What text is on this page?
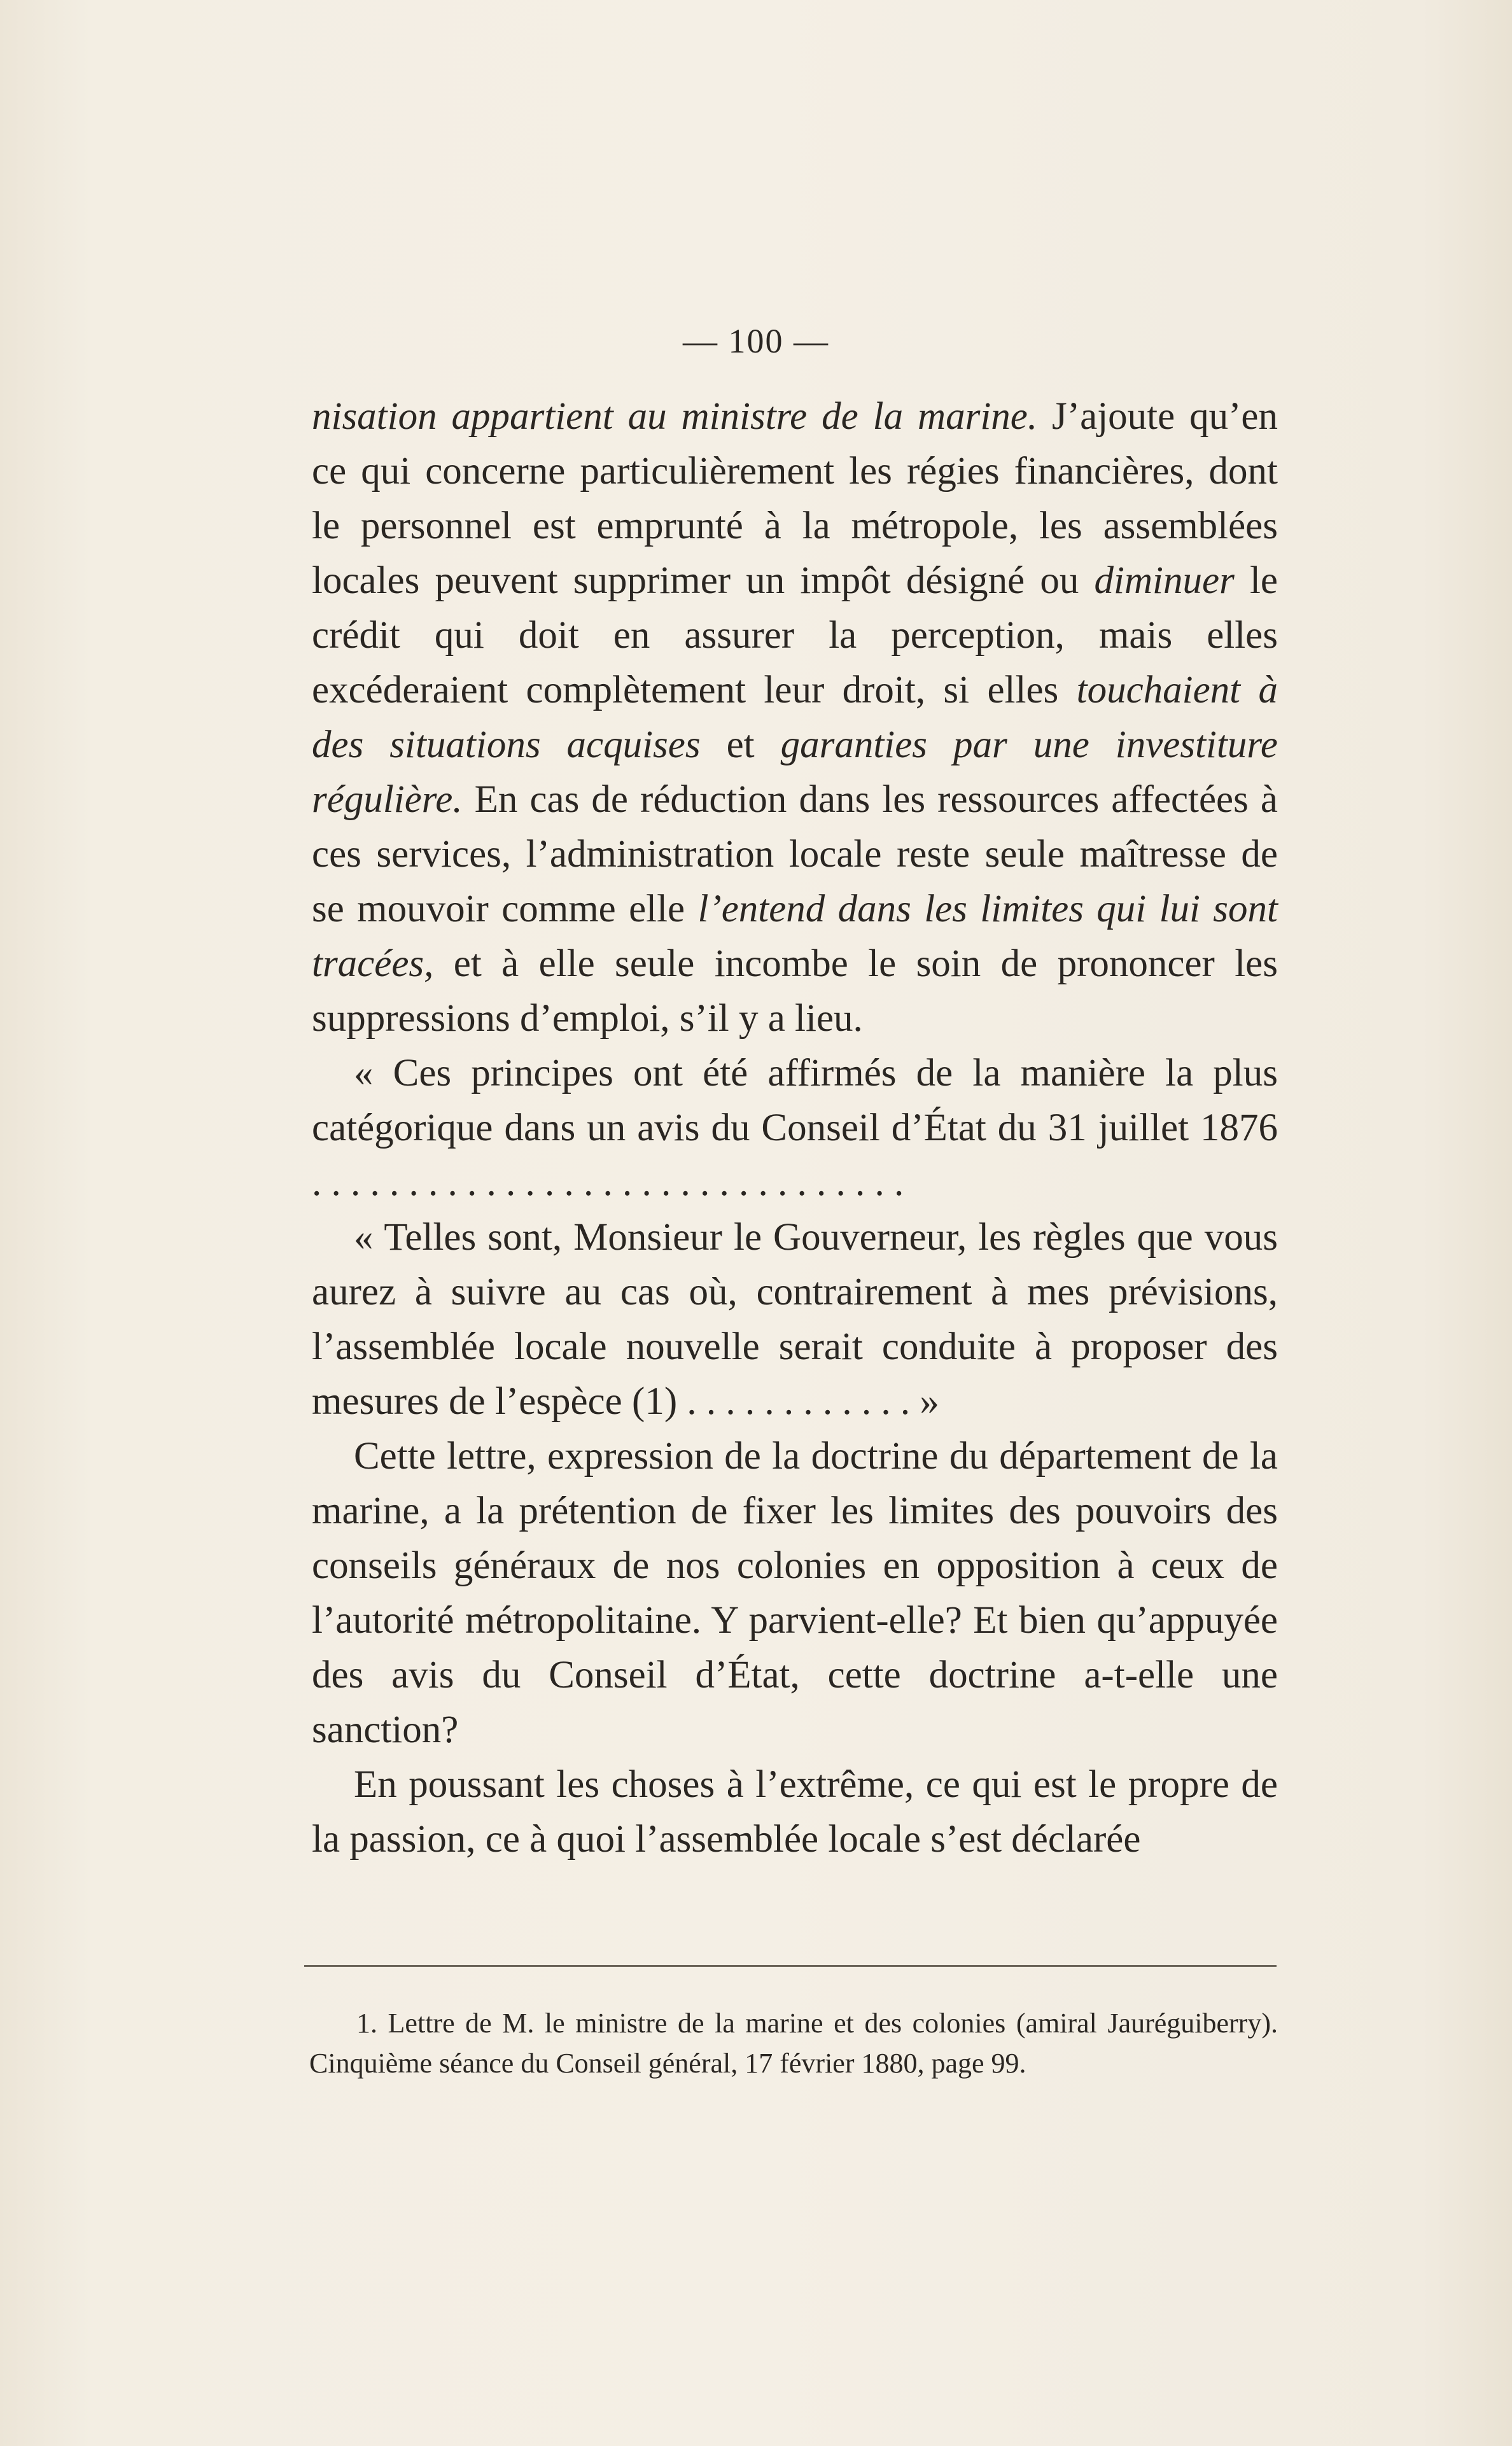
— 100 —

nisation appartient au ministre de la marine. J’ajoute qu’en ce qui concerne particulièrement les régies financières, dont le personnel est emprunté à la métropole, les assemblées locales peuvent supprimer un impôt désigné ou diminuer le crédit qui doit en assurer la perception, mais elles excéderaient complètement leur droit, si elles touchaient à des situations acquises et garanties par une investiture régulière. En cas de réduction dans les ressources affectées à ces services, l’administration locale reste seule maîtresse de se mouvoir comme elle l’entend dans les limites qui lui sont tracées, et à elle seule incombe le soin de prononcer les suppressions d’emploi, s’il y a lieu.

« Ces principes ont été affirmés de la manière la plus catégorique dans un avis du Conseil d’État du 31 juillet 1876 . . . . . . . . . . . . . . . . . . . . . . . . . . . . . . .

« Telles sont, Monsieur le Gouverneur, les règles que vous aurez à suivre au cas où, contrairement à mes prévisions, l’assemblée locale nouvelle serait conduite à proposer des mesures de l’espèce (1) . . . . . . . . . . . . »

Cette lettre, expression de la doctrine du département de la marine, a la prétention de fixer les limites des pouvoirs des conseils généraux de nos colonies en opposition à ceux de l’autorité métropolitaine. Y parvient-elle? Et bien qu’appuyée des avis du Conseil d’État, cette doctrine a-t-elle une sanction?

En poussant les choses à l’extrême, ce qui est le propre de la passion, ce à quoi l’assemblée locale s’est déclarée

1. Lettre de M. le ministre de la marine et des colonies (amiral Jauréguiberry). Cinquième séance du Conseil général, 17 février 1880, page 99.
